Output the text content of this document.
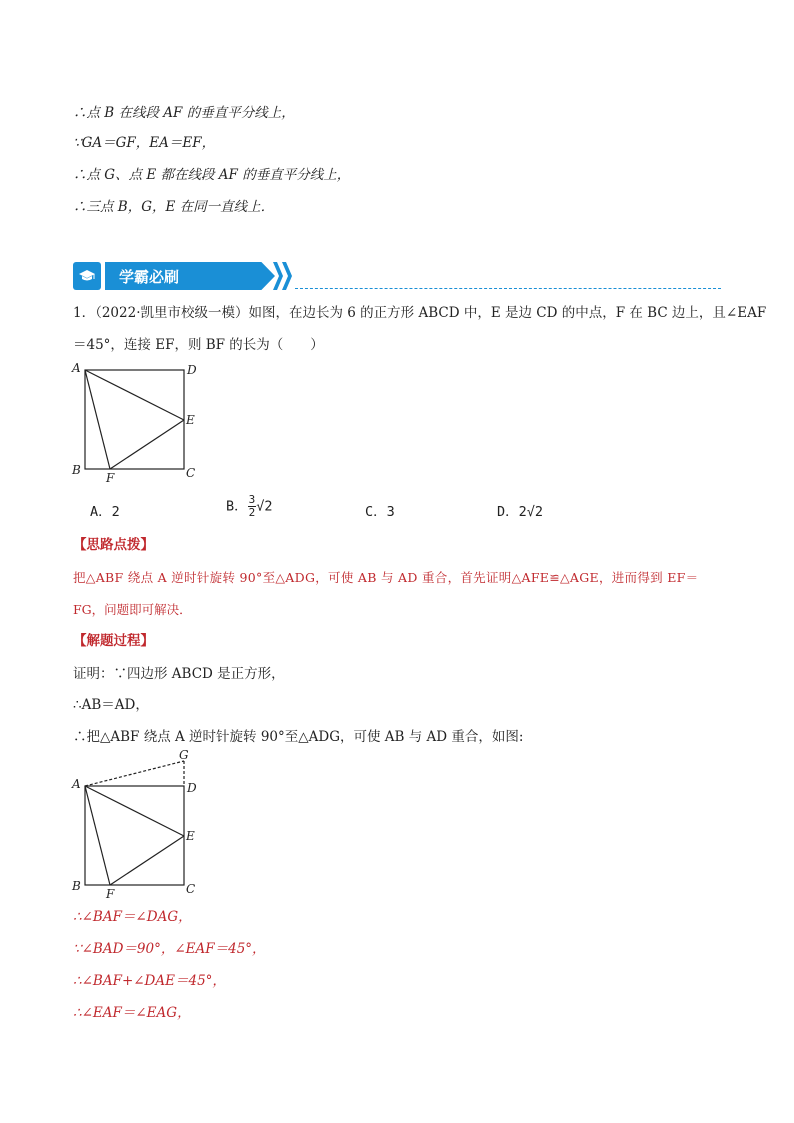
∴点 B 在线段 AF 的垂直平分线上，
∵GA＝GF，EA＝EF，
∴点 G、点 E 都在线段 AF 的垂直平分线上，
∴三点 B，G，E 在同一直线上．
学霸必刷
1．（2022·凯里市校级一模）如图，在边长为 6 的正方形 ABCD 中，E 是边 CD 的中点，F 在 BC 边上，且∠EAF
＝45°，连接 EF，则 BF 的长为（　　）
A	D
E
B	C
F
A．2	B． $\frac{3}{2} √2$	C．3	D．2√2
【思路点拨】
把△ABF 绕点 A 逆时针旋转 90°至△ADG，可使 AB 与 AD 重合，首先证明△AFE≌△AGE，进而得到 EF＝
FG，问题即可解决．
【解题过程】
证明：∵四边形 ABCD 是正方形，
∴AB＝AD，
∴把△ABF 绕点 A 逆时针旋转 90°至△ADG，可使 AB 与 AD 重合，如图:
G
A	D
E
B	C
F
∴∠BAF＝∠DAG，
∵∠BAD＝90°，∠EAF＝45°，
∴∠BAF+∠DAE＝45°，
∴∠EAF＝∠EAG，
